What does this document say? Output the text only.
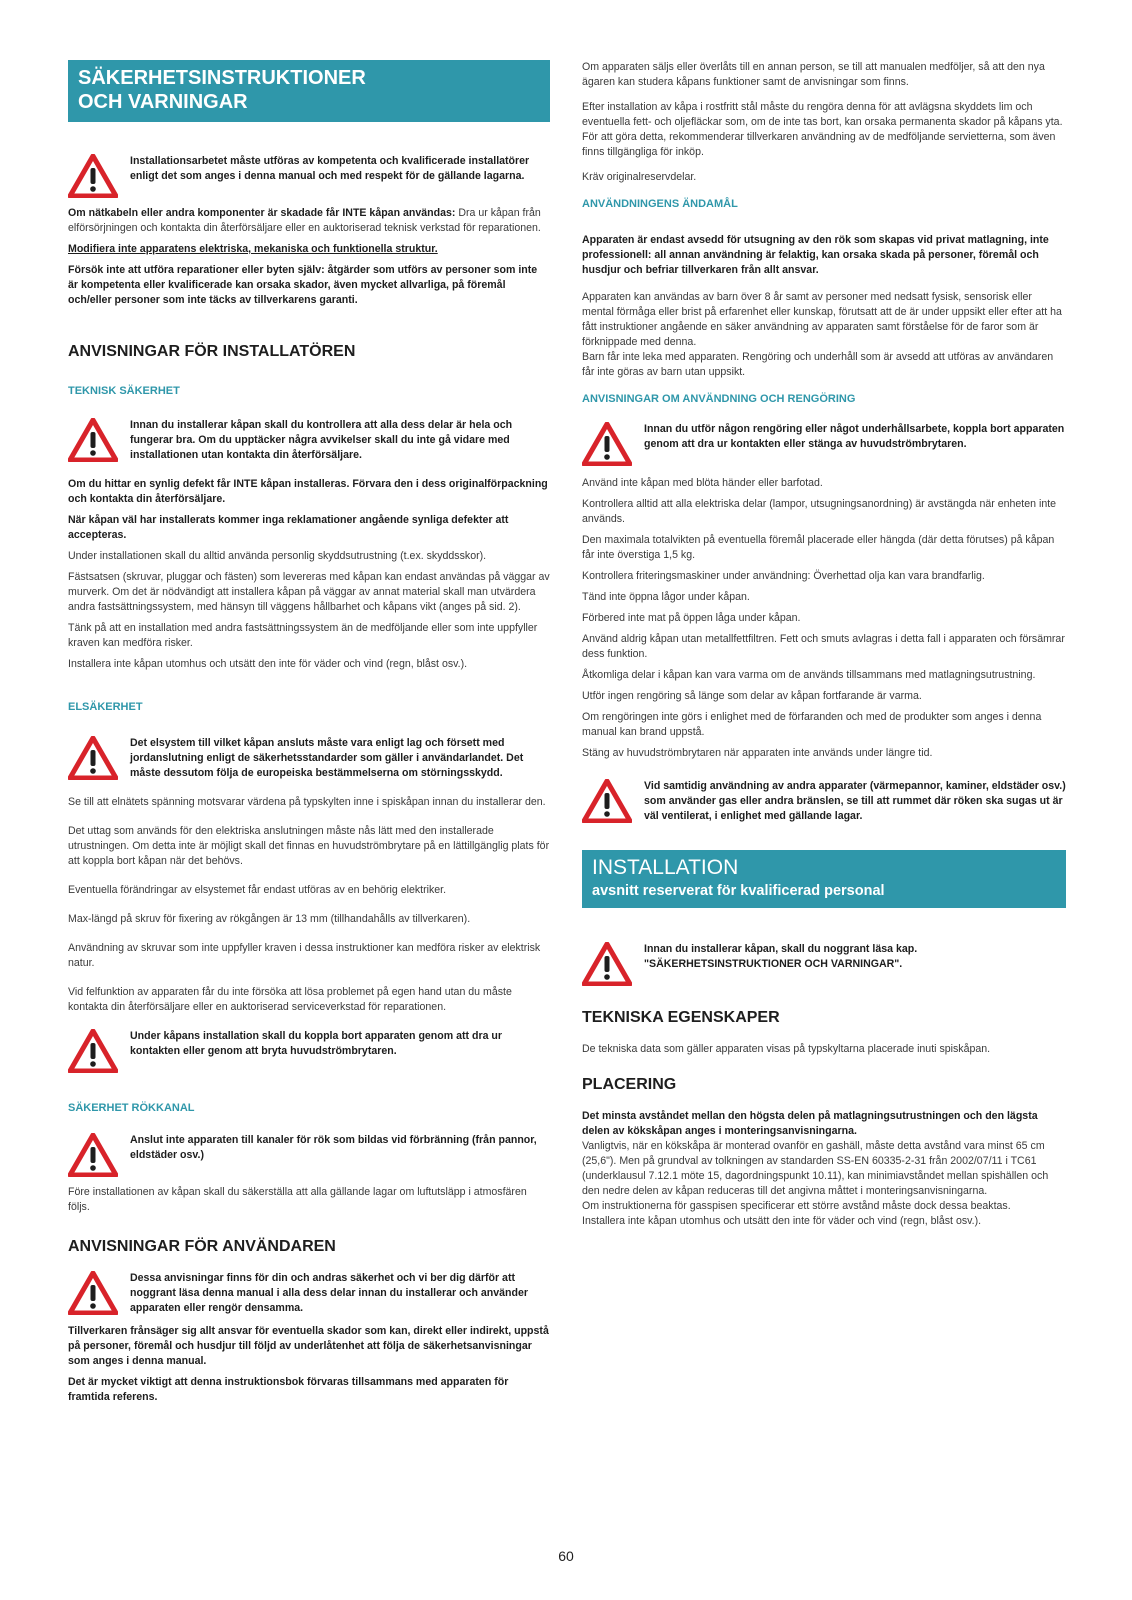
SÄKERHETSINSTRUKTIONER
OCH VARNINGAR
Installationsarbetet måste utföras av kompetenta och kvalificerade installatörer enligt det som anges i denna manual och med respekt för de gällande lagarna.

Om nätkabeln eller andra komponenter är skadade får INTE kåpan användas: Dra ur kåpan från elförsörjningen och kontakta din återförsäljare eller en auktoriserad teknisk verkstad för reparationen.

Modifiera inte apparatens elektriska, mekaniska och funktionella struktur.

Försök inte att utföra reparationer eller byten själv: åtgärder som utförs av personer som inte är kompetenta eller kvalificerade kan orsaka skador, även mycket allvarliga, på föremål och/eller personer som inte täcks av tillverkarens garanti.

ANVISNINGAR FÖR INSTALLATÖREN
TEKNISK SÄKERHET
Innan du installerar kåpan skall du kontrollera att alla dess delar är hela och fungerar bra. Om du upptäcker några avvikelser skall du inte gå vidare med installationen utan kontakta din återförsäljare.

Om du hittar en synlig defekt får INTE kåpan installeras. Förvara den i dess originalförpackning och kontakta din återförsäljare.

När kåpan väl har installerats kommer inga reklamationer angående synliga defekter att accepteras.

Under installationen skall du alltid använda personlig skyddsutrustning (t.ex. skyddsskor).

Fästsatsen (skruvar, pluggar och fästen) som levereras med kåpan kan endast användas på väggar av murverk. Om det är nödvändigt att installera kåpan på väggar av annat material skall man utvärdera andra fastsättningssystem, med hänsyn till väggens hållbarhet och kåpans vikt (anges på sid. 2).

Tänk på att en installation med andra fastsättningssystem än de medföljande eller som inte uppfyller kraven kan medföra risker.

Installera inte kåpan utomhus och utsätt den inte för väder och vind (regn, blåst osv.).

ELSÄKERHET
Det elsystem till vilket kåpan ansluts måste vara enligt lag och försett med jordanslutning enligt de säkerhetsstandarder som gäller i användarlandet. Det måste dessutom följa de europeiska bestämmelserna om störningsskydd.

Se till att elnätets spänning motsvarar värdena på typskylten inne i spiskåpan innan du installerar den.

Det uttag som används för den elektriska anslutningen måste nås lätt med den installerade utrustningen. Om detta inte är möjligt skall det finnas en huvudströmbrytare på en lättillgänglig plats för att koppla bort kåpan när det behövs.

Eventuella förändringar av elsystemet får endast utföras av en behörig elektriker.

Max-längd på skruv för fixering av rökgången är 13 mm (tillhandahålls av tillverkaren).

Användning av skruvar som inte uppfyller kraven i dessa instruktioner kan medföra risker av elektrisk natur.

Vid felfunktion av apparaten får du inte försöka att lösa problemet på egen hand utan du måste kontakta din återförsäljare eller en auktoriserad serviceverkstad för reparationen.

Under kåpans installation skall du koppla bort apparaten genom att dra ur kontakten eller genom att bryta huvudströmbrytaren.
SÄKERHET RÖKKANAL
Anslut inte apparaten till kanaler för rök som bildas vid förbränning (från pannor, eldstäder osv.)

Före installationen av kåpan skall du säkerställa att alla gällande lagar om luftutsläpp i atmosfären följs.

ANVISNINGAR FÖR ANVÄNDAREN
Dessa anvisningar finns för din och andras säkerhet och vi ber dig därför att noggrant läsa denna manual i alla dess delar innan du installerar och använder apparaten eller rengör densamma.

Tillverkaren frånsäger sig allt ansvar för eventuella skador som kan, direkt eller indirekt, uppstå på personer, föremål och husdjur till följd av underlåtenhet att följa de säkerhetsanvisningar som anges i denna manual.

Det är mycket viktigt att denna instruktionsbok förvaras tillsammans med apparaten för framtida referens.

Om apparaten säljs eller överlåts till en annan person, se till att manualen medföljer, så att den nya ägaren kan studera kåpans funktioner samt de anvisningar som finns.

Efter installation av kåpa i rostfritt stål måste du rengöra denna för att avlägsna skyddets lim och eventuella fett- och oljefläckar som, om de inte tas bort, kan orsaka permanenta skador på kåpans yta. För att göra detta, rekommenderar tillverkaren användning av de medföljande servietterna, som även finns tillgängliga för inköp.

Kräv originalreservdelar.

ANVÄNDNINGENS ÄNDAMÅL

Apparaten är endast avsedd för utsugning av den rök som skapas vid privat matlagning, inte professionell: all annan användning är felaktig, kan orsaka skada på personer, föremål och husdjur och befriar tillverkaren från allt ansvar.

Apparaten kan användas av barn över 8 år samt av personer med nedsatt fysisk, sensorisk eller mental förmåga eller brist på erfarenhet eller kunskap, förutsatt att de är under uppsikt eller efter att ha fått instruktioner angående en säker användning av apparaten samt förståelse för de faror som är förknippade med denna.

Barn får inte leka med apparaten. Rengöring och underhåll som är avsedd att utföras av användaren får inte göras av barn utan uppsikt.

ANVISNINGAR OM ANVÄNDNING OCH RENGÖRING
Innan du utför någon rengöring eller något underhållsarbete, koppla bort apparaten genom att dra ur kontakten eller stänga av huvudströmbrytaren.

Använd inte kåpan med blöta händer eller barfotad.

Kontrollera alltid att alla elektriska delar (lampor, utsugningsanordning) är avstängda när enheten inte används.

Den maximala totalvikten på eventuella föremål placerade eller hängda (där detta förutses) på kåpan får inte överstiga 1,5 kg.

Kontrollera friteringsmaskiner under användning: Överhettad olja kan vara brandfarlig.

Tänd inte öppna lågor under kåpan.

Förbered inte mat på öppen låga under kåpan.

Använd aldrig kåpan utan metallfettfiltren. Fett och smuts avlagras i detta fall i apparaten och försämrar dess funktion.

Åtkomliga delar i kåpan kan vara varma om de används tillsammans med matlagningsutrustning.

Utför ingen rengöring så länge som delar av kåpan fortfarande är varma.

Om rengöringen inte görs i enlighet med de förfaranden och med de produkter som anges i denna manual kan brand uppstå.

Stäng av huvudströmbrytaren när apparaten inte används under längre tid.

Vid samtidig användning av andra apparater (värmepannor, kaminer, eldstäder osv.) som använder gas eller andra bränslen, se till att rummet där röken ska sugas ut är väl ventilerat, i enlighet med gällande lagar.
INSTALLATION
avsnitt reserverat för kvalificerad personal
Innan du installerar kåpan, skall du noggrant läsa kap. "SÄKERHETSINSTRUKTIONER OCH VARNINGAR".
TEKNISKA EGENSKAPER

De tekniska data som gäller apparaten visas på typskyltarna placerade inuti spiskåpan.

PLACERING

Det minsta avståndet mellan den högsta delen på matlagningsutrustningen och den lägsta delen av kökskåpan anges i monteringsanvisningarna.

Vanligtvis, när en kökskåpa är monterad ovanför en gashäll, måste detta avstånd vara minst 65 cm (25,6"). Men på grundval av tolkningen av standarden SS-EN 60335-2-31 från 2002/07/11 i TC61 (underklausul 7.12.1 möte 15, dagordningspunkt 10.11), kan minimiavståndet mellan spishällen och den nedre delen av kåpan reduceras till det angivna måttet i monteringsanvisningarna.

Om instruktionerna för gasspisen specificerar ett större avstånd måste dock dessa beaktas.

Installera inte kåpan utomhus och utsätt den inte för väder och vind (regn, blåst osv.).

60
